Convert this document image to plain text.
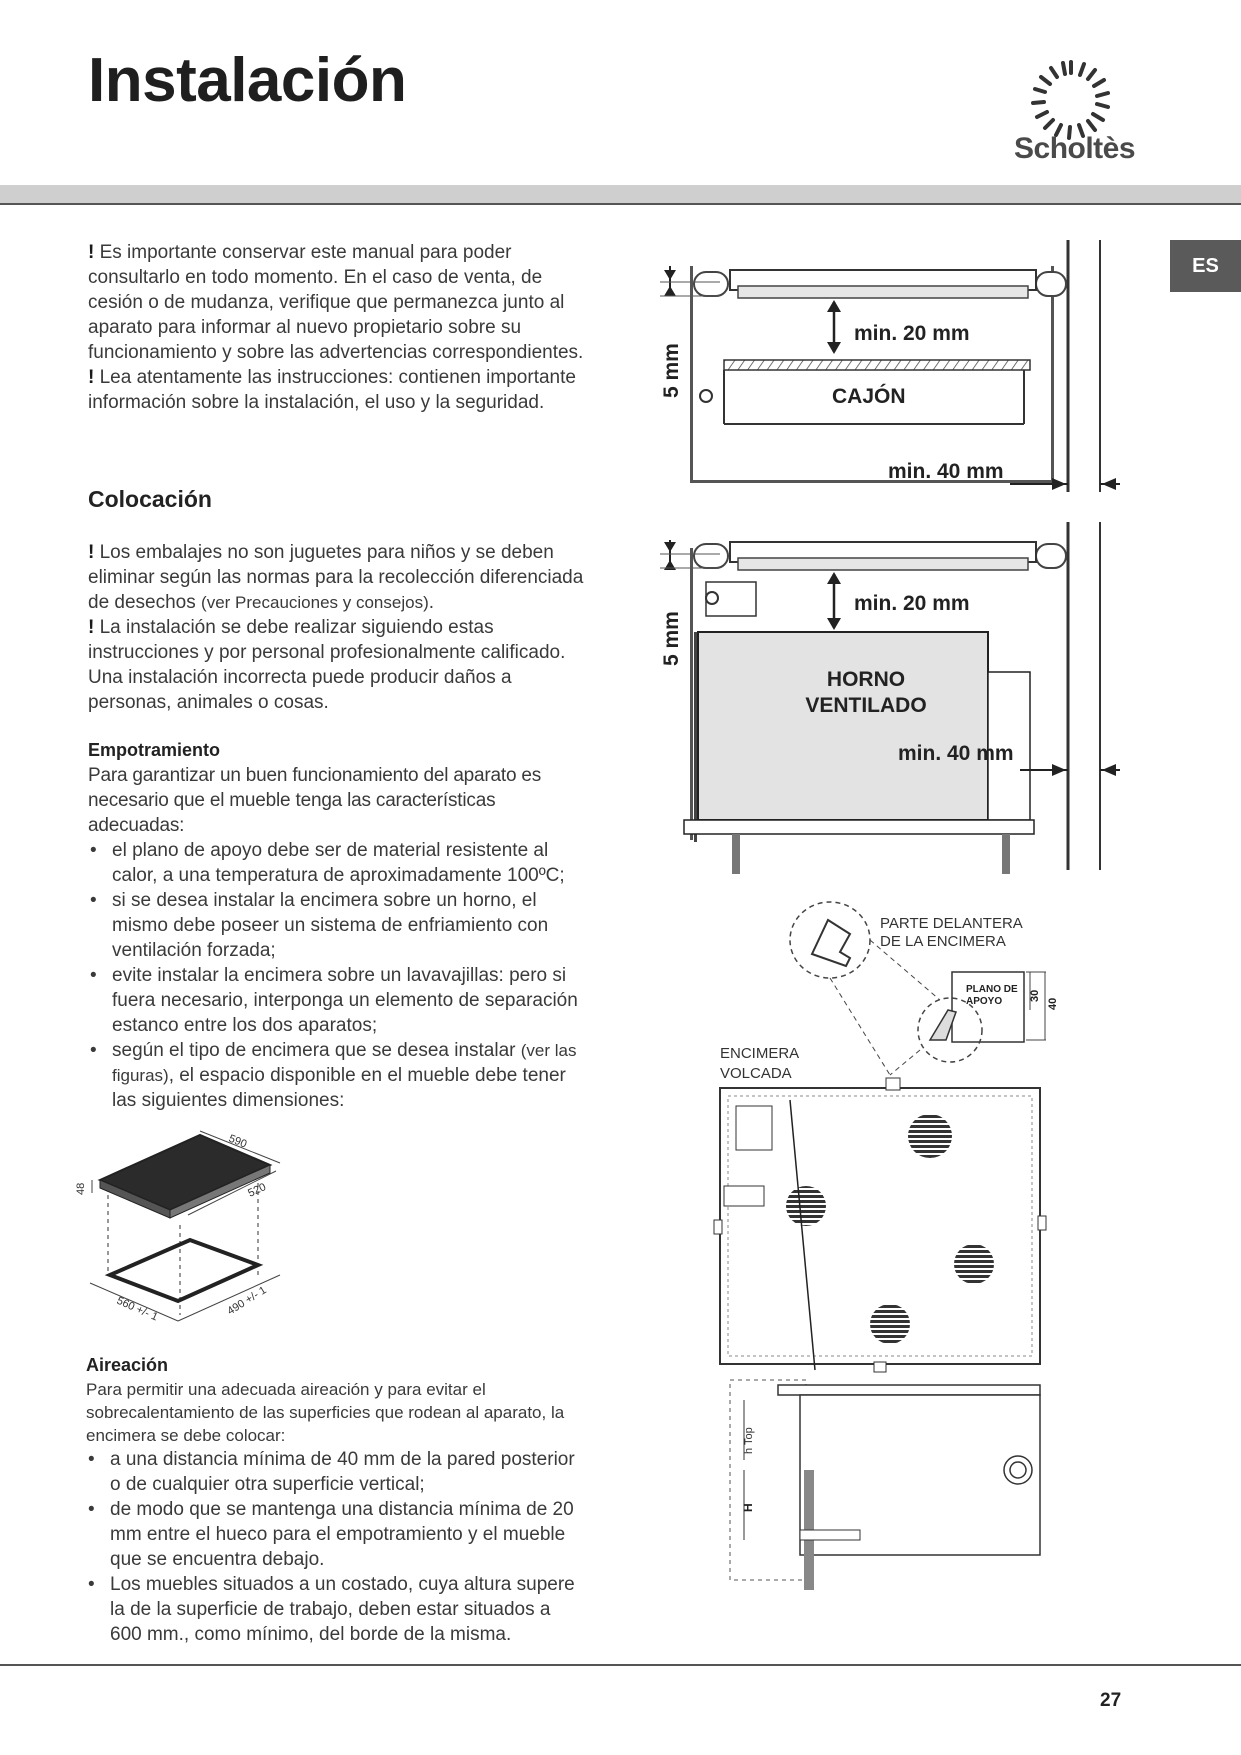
Instalación
Scholtès
ES

! Es importante conservar este manual para poder consultarlo en todo momento. En el caso de venta, de cesión o de mudanza, verifique que permanezca junto al aparato para informar al nuevo propietario sobre su funcionamiento y sobre las advertencias correspondientes.

! Lea atentamente las instrucciones: contienen importante información sobre la instalación, el uso y la seguridad.

Colocación

! Los embalajes no son juguetes para niños y se deben eliminar según las normas para la recolección diferenciada de desechos (ver Precauciones y consejos).

! La instalación se debe realizar siguiendo estas instrucciones y por personal profesionalmente calificado. Una instalación incorrecta puede producir daños a personas, animales o cosas.

Empotramiento

Para garantizar un buen funcionamiento del aparato es necesario que el mueble tenga las características adecuadas:

• el plano de apoyo debe ser de material resistente al calor, a una temperatura de aproximadamente 100ºC;
• si se desea instalar la encimera sobre un horno, el mismo debe poseer un sistema de enfriamiento con ventilación forzada;
• evite instalar la encimera sobre un lavavajillas: pero si fuera necesario, interponga un elemento de separación estanco entre los dos aparatos;
• según el tipo de encimera que se desea instalar (ver las figuras), el espacio disponible en el mueble debe tener las siguientes dimensiones:
590
520
48
560 +/- 1	490 +/- 1
Aireación

Para permitir una adecuada aireación y para evitar el sobrecalentamiento de las superficies que rodean al aparato, la encimera se debe colocar:

• a una distancia mínima de 40 mm de la pared posterior o de cualquier otra superficie vertical;
• de modo que se mantenga una distancia mínima de 20 mm entre el hueco para el empotramiento y el mueble que se encuentra debajo.
• Los muebles situados a un costado, cuya altura supere la de la superficie de trabajo, deben estar situados a 600 mm., como mínimo, del borde de la misma.
min. 20 mm
CAJÓN
min. 40 mm
5 mm
min. 20 mm
HORNO
VENTILADO
min. 40 mm
5 mm
PARTE DELANTERA
DE LA ENCIMERA
PLANO DE
APOYO 30
40
ENCIMERA
VOLCADA
h Top
H
27
